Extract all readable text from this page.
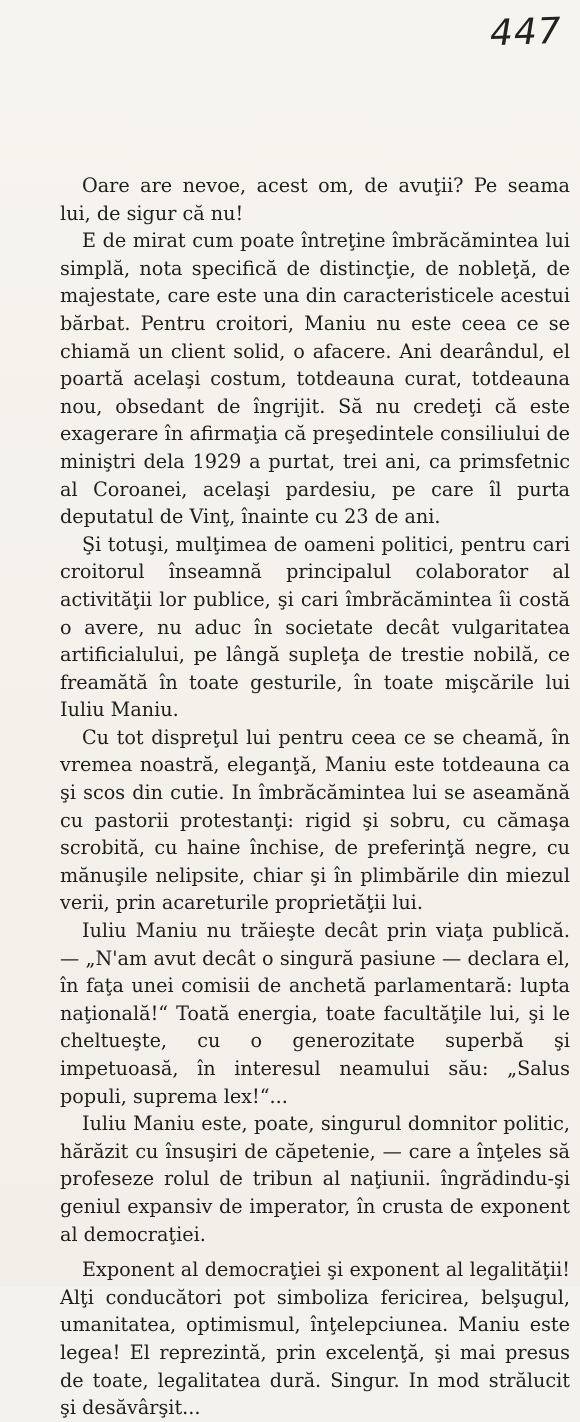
447

Oare are nevoe, acest om, de avuţii? Pe seama lui, de sigur că nu!

E de mirat cum poate întreţine îmbrăcămintea lui simplă, nota specifică de distincţie, de nobleţă, de majestate, care este una din caracteristicele acestui bărbat. Pentru croitori, Maniu nu este ceea ce se chiamă un client solid, o afacere. Ani dearândul, el poartă acelaşi costum, totdeauna curat, totdeauna nou, obsedant de îngrijit. Să nu credeţi că este exagerare în afirmaţia că preşedintele consiliului de miniştri dela 1929 a purtat, trei ani, ca primsfetnic al Coroanei, acelaşi pardesiu, pe care îl purta deputatul de Vinţ, înainte cu 23 de ani.

Şi totuşi, mulţimea de oameni politici, pentru cari croitorul înseamnă principalul colaborator al activităţii lor publice, şi cari îmbrăcămintea îi costă o avere, nu aduc în societate decât vulgaritatea artificialului, pe lângă supleţa de trestie nobilă, ce freamătă în toate gesturile, în toate mişcările lui Iuliu Maniu.

Cu tot dispreţul lui pentru ceea ce se cheamă, în vremea noastră, eleganţă, Maniu este totdeauna ca şi scos din cutie. In îmbrăcămintea lui se aseamănă cu pastorii protestanţi: rigid şi sobru, cu cămaşa scrobită, cu haine închise, de preferinţă negre, cu mănuşile nelipsite, chiar şi în plimbările din miezul verii, prin acareturile proprietăţii lui.

Iuliu Maniu nu trăieşte decât prin viaţa publică. — „N'am avut decât o singură pasiune — declara el, în faţa unei comisii de anchetă parlamentară: lupta naţională!“ Toată energia, toate facultăţile lui, şi le cheltueşte, cu o generozitate superbă şi impetuoasă, în interesul neamului său: „Salus populi, suprema lex!“...

Iuliu Maniu este, poate, singurul domnitor politic, hărăzit cu însuşiri de căpetenie, — care a înţeles să profeseze rolul de tribun al naţiunii. îngrădindu-şi geniul expansiv de imperator, în crusta de exponent al democraţiei.

Exponent al democraţiei şi exponent al legalităţii! Alţi conducători pot simboliza fericirea, belşugul, umanitatea, optimismul, înţelepciunea. Maniu este legea! El reprezintă, prin excelenţă, şi mai presus de toate, legalitatea dură. Singur. In mod strălucit şi desăvârşit...
